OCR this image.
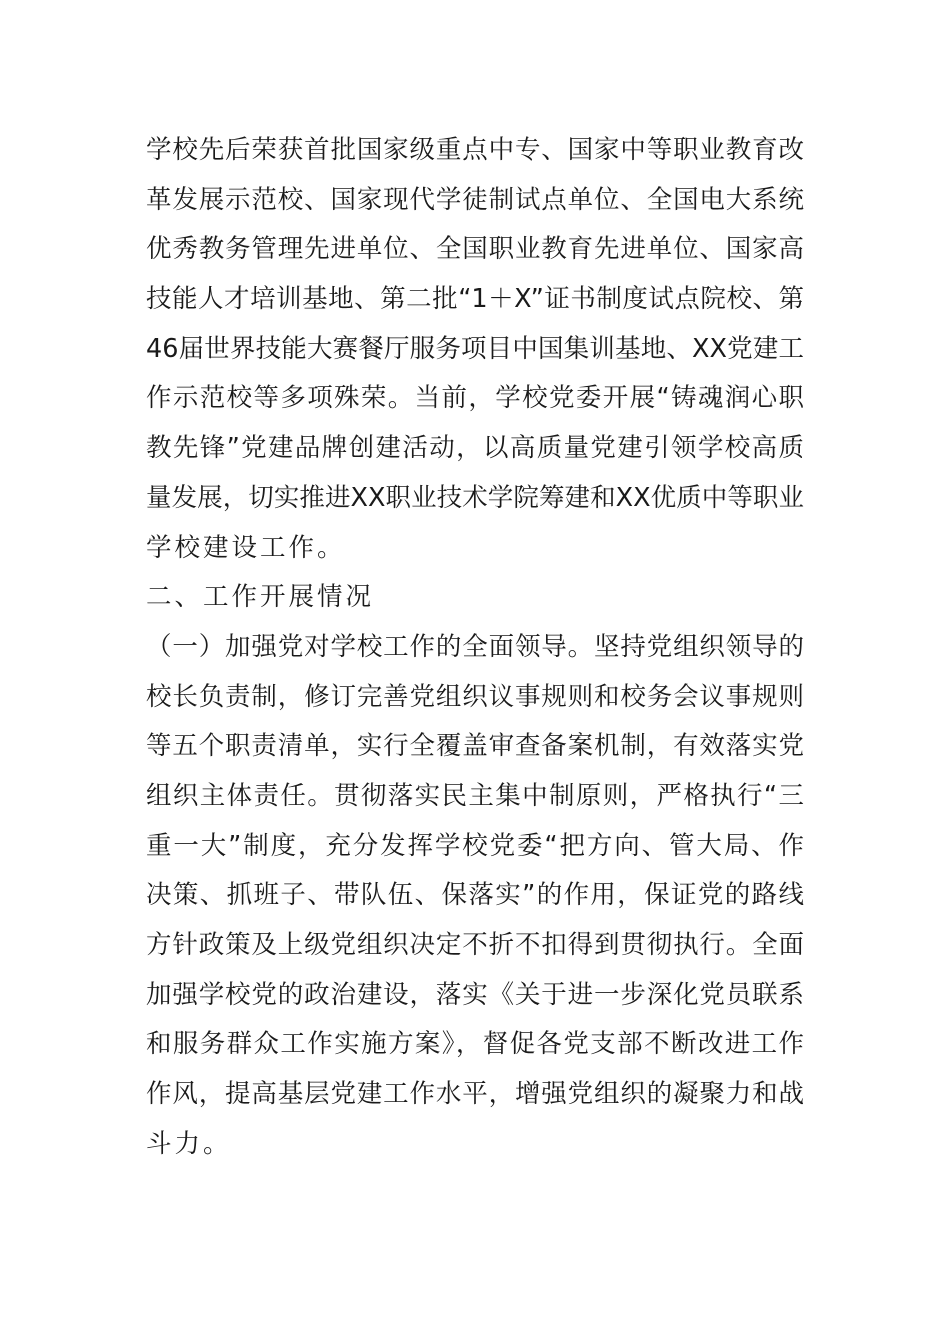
学校先后荣获首批国家级重点中专、国家中等职业教育改
革发展示范校、国家现代学徒制试点单位、全国电大系统
优秀教务管理先进单位、全国职业教育先进单位、国家高
技能人才培训基地、第二批“1＋X”证书制度试点院校、第
46届世界技能大赛餐厅服务项目中国集训基地、XX党建工
作示范校等多项殊荣。当前，学校党委开展“铸魂润心职
教先锋”党建品牌创建活动，以高质量党建引领学校高质
量发展，切实推进XX职业技术学院筹建和XX优质中等职业
学校建设工作。
二、工作开展情况
（一）加强党对学校工作的全面领导。坚持党组织领导的
校长负责制，修订完善党组织议事规则和校务会议事规则
等五个职责清单，实行全覆盖审查备案机制，有效落实党
组织主体责任。贯彻落实民主集中制原则，严格执行“三
重一大”制度，充分发挥学校党委“把方向、管大局、作
决策、抓班子、带队伍、保落实”的作用，保证党的路线
方针政策及上级党组织决定不折不扣得到贯彻执行。全面
加强学校党的政治建设，落实《关于进一步深化党员联系
和服务群众工作实施方案》，督促各党支部不断改进工作
作风，提高基层党建工作水平，增强党组织的凝聚力和战
斗力。
